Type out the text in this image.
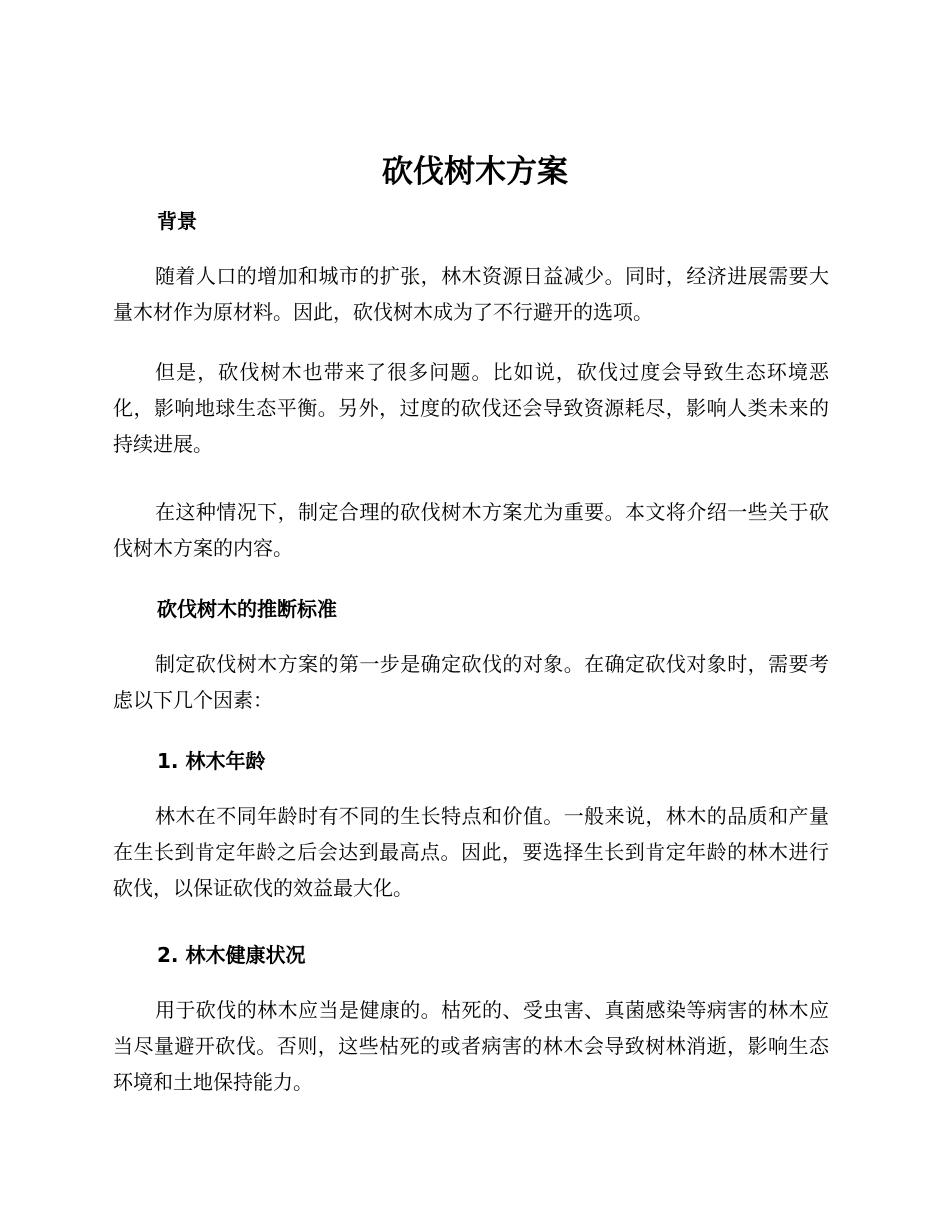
砍伐树木方案
背景

随着人口的增加和城市的扩张，林木资源日益减少。同时，经济进展需要大量木材作为原材料。因此，砍伐树木成为了不行避开的选项。

但是，砍伐树木也带来了很多问题。比如说，砍伐过度会导致生态环境恶化，影响地球生态平衡。另外，过度的砍伐还会导致资源耗尽，影响人类未来的持续进展。

在这种情况下，制定合理的砍伐树木方案尤为重要。本文将介绍一些关于砍伐树木方案的内容。

砍伐树木的推断标准

制定砍伐树木方案的第一步是确定砍伐的对象。在确定砍伐对象时，需要考虑以下几个因素：

1. 林木年龄

林木在不同年龄时有不同的生长特点和价值。一般来说，林木的品质和产量在生长到肯定年龄之后会达到最高点。因此，要选择生长到肯定年龄的林木进行砍伐，以保证砍伐的效益最大化。

2. 林木健康状况

用于砍伐的林木应当是健康的。枯死的、受虫害、真菌感染等病害的林木应当尽量避开砍伐。否则，这些枯死的或者病害的林木会导致树林消逝，影响生态环境和土地保持能力。
